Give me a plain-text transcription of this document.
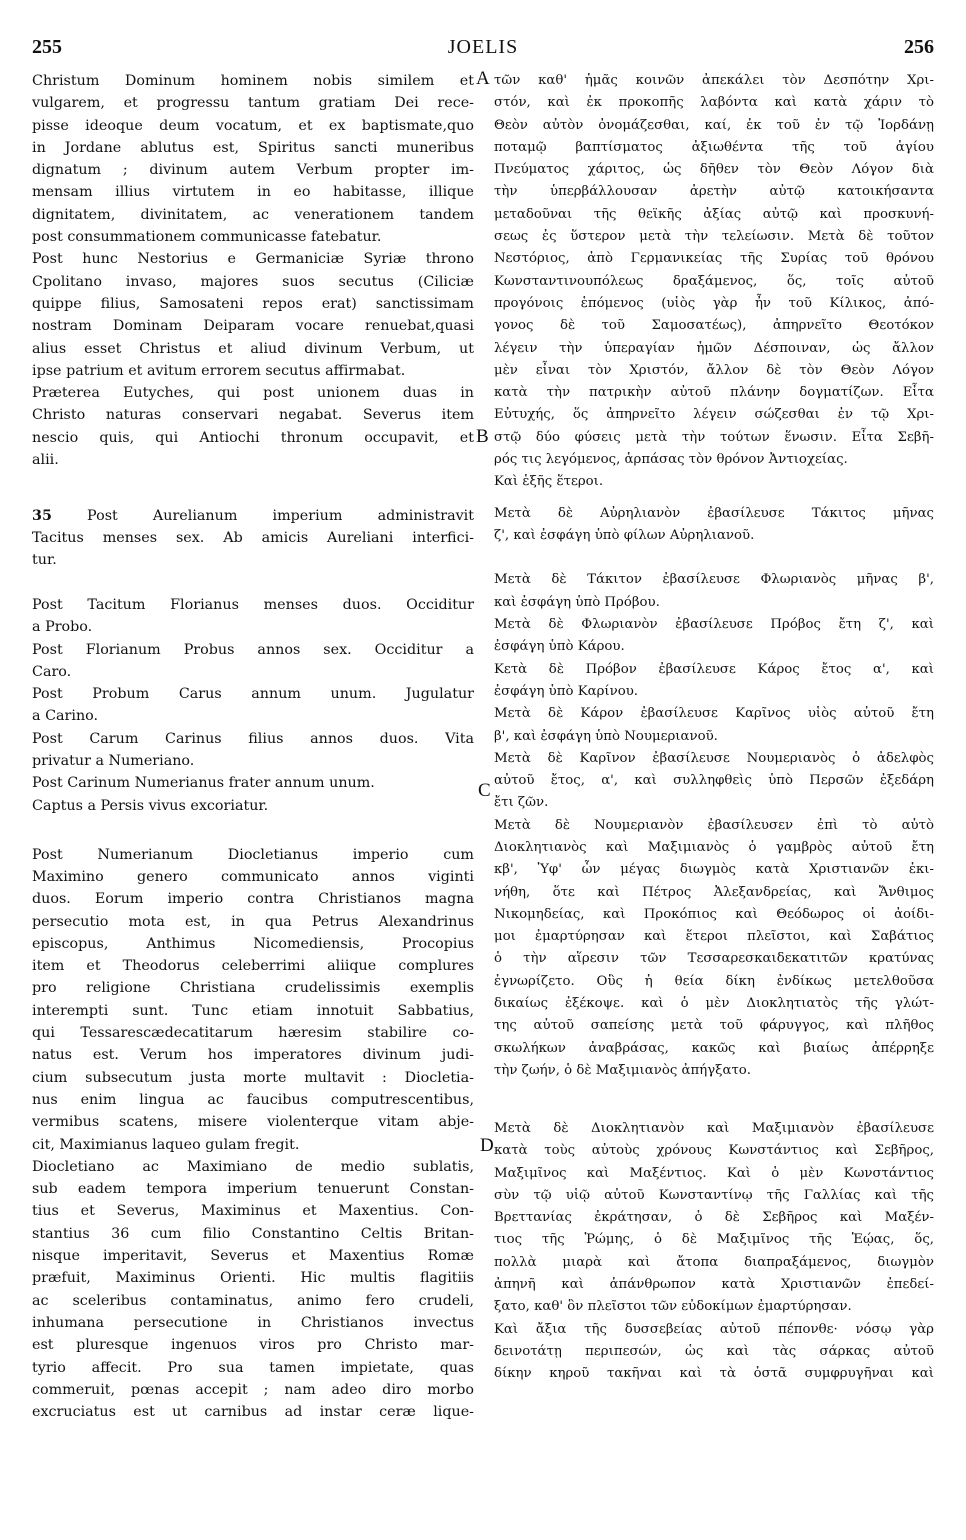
255	JOELIS	256
A
B
C
D
Christum Dominum hominem nobis similem et
vulgarem, et progressu tantum gratiam Dei rece-
pisse ideoque deum vocatum, et ex baptismate,quo
in Jordane ablutus est, Spiritus sancti muneribus
dignatum ; divinum autem Verbum propter im-
mensam illius virtutem in eo habitasse, illique
dignitatem, divinitatem, ac venerationem tandem
post consummationem communicasse fatebatur.
Post hunc Nestorius e Germaniciæ Syriæ throno
Cpolitano invaso, majores suos secutus (Ciliciæ
quippe filius, Samosateni repos erat) sanctissimam
nostram Dominam Deiparam vocare renuebat,quasi
alius esset Christus et aliud divinum Verbum, ut
ipse patrium et avitum errorem secutus affirmabat.
Præterea Eutyches, qui post unionem duas in
Christo naturas conservari negabat. Severus item
nescio quis, qui Antiochi thronum occupavit, et
alii.
35 Post Aurelianum imperium administravit
Tacitus menses sex. Ab amicis Aureliani interfici-
tur.
Post Tacitum Florianus menses duos. Occiditur
a Probo.
Post Florianum Probus annos sex. Occiditur a
Caro.
Post Probum Carus annum unum. Jugulatur
a Carino.
Post Carum Carinus filius annos duos. Vita
privatur a Numeriano.
Post Carinum Numerianus frater annum unum.
Captus a Persis vivus excoriatur.
Post Numerianum Diocletianus imperio cum
Maximino genero communicato annos viginti
duos. Eorum imperio contra Christianos magna
persecutio mota est, in qua Petrus Alexandrinus
episcopus, Anthimus Nicomediensis, Procopius
item et Theodorus celeberrimi aliique complures
pro religione Christiana crudelissimis exemplis
interempti sunt. Tunc etiam innotuit Sabbatius,
qui Tessarescædecatitarum hæresim stabilire co-
natus est. Verum hos imperatores divinum judi-
cium subsecutum justa morte multavit : Diocletia-
nus enim lingua ac faucibus computrescentibus,
vermibus scatens, misere violenterque vitam abje-
cit, Maximianus laqueo gulam fregit.
Diocletiano ac Maximiano de medio sublatis,
sub eadem tempora imperium tenuerunt Constan-
tius et Severus, Maximinus et Maxentius. Con-
stantius 36 cum filio Constantino Celtis Britan-
nisque imperitavit, Severus et Maxentius Romæ
præfuit, Maximinus Orienti. Hic multis flagitiis
ac sceleribus contaminatus, animo fero crudeli,
inhumana persecutione in Christianos invectus
est pluresque ingenuos viros pro Christo mar-
tyrio affecit. Pro sua tamen impietate, quas
commeruit, pœnas accepit ; nam adeo diro morbo
excruciatus est ut carnibus ad instar ceræ lique-
τῶν καθ' ἡμᾶς κοινῶν ἀπεκάλει τὸν Δεσπότην Χρι-
στόν, καὶ ἐκ προκοπῆς λαβόντα καὶ κατὰ χάριν τὸ
Θεὸν αὐτὸν ὀνομάζεσθαι, καί, ἐκ τοῦ ἐν τῷ Ἰορδάνῃ
ποταμῷ βαπτίσματος ἀξιωθέντα τῆς τοῦ ἁγίου
Πνεύματος χάριτος, ὡς δῆθεν τὸν Θεὸν Λόγον διὰ
τὴν ὑπερβάλλουσαν ἀρετὴν αὐτῷ κατοικήσαντα
μεταδοῦναι τῆς θεϊκῆς ἀξίας αὐτῷ καὶ προσκυνή-
σεως ἐς ὕστερον μετὰ τὴν τελείωσιν. Μετὰ δὲ τοῦτον
Νεστόριος, ἀπὸ Γερμανικείας τῆς Συρίας τοῦ θρόνου
Κωνσταντινουπόλεως δραξάμενος, ὅς, τοῖς αὐτοῦ
προγόνοις ἑπόμενος (υἱὸς γὰρ ἦν τοῦ Κίλικος, ἀπό-
γονος δὲ τοῦ Σαμοσατέως), ἀπηρνεῖτο Θεοτόκον
λέγειν τὴν ὑπεραγίαν ἡμῶν Δέσποιναν, ὡς ἄλλον
μὲν εἶναι τὸν Χριστόν, ἄλλον δὲ τὸν Θεὸν Λόγον
κατὰ τὴν πατρικὴν αὐτοῦ πλάνην δογματίζων. Εἶτα
Εὐτυχής, ὅς ἀπηρνεῖτο λέγειν σώζεσθαι ἐν τῷ Χρι-
στῷ δύο φύσεις μετὰ τὴν τούτων ἕνωσιν. Εἶτα Σεβῆ-
ρός τις λεγόμενος, ἁρπάσας τὸν θρόνον Ἀντιοχείας.
Καὶ ἑξῆς ἕτεροι.
Μετὰ δὲ Αὐρηλιανὸν ἐβασίλευσε Τάκιτος μῆνας
ζ', καὶ ἐσφάγη ὑπὸ φίλων Αὐρηλιανοῦ.
Μετὰ δὲ Τάκιτον ἐβασίλευσε Φλωριανὸς μῆνας β',
καὶ ἐσφάγη ὑπὸ Πρόβου.
Μετὰ δὲ Φλωριανὸν ἐβασίλευσε Πρόβος ἔτη ζ', καὶ
ἐσφάγη ὑπὸ Κάρου.
Κετὰ δὲ Πρόβον ἐβασίλευσε Κάρος ἔτος α', καὶ
ἐσφάγη ὑπὸ Καρίνου.
Μετὰ δὲ Κάρον ἐβασίλευσε Καρῖνος υἱὸς αὐτοῦ ἔτη
β', καὶ ἐσφάγη ὑπὸ Νουμεριανοῦ.
Μετὰ δὲ Καρῖνον ἐβασίλευσε Νουμεριανὸς ὁ ἀδελφὸς
αὐτοῦ ἔτος, α', καὶ συλληφθεὶς ὑπὸ Περσῶν ἐξεδάρη
ἔτι ζῶν.
Μετὰ δὲ Νουμεριανὸν ἐβασίλευσεν ἐπὶ τὸ αὐτὸ
Διοκλητιανὸς καὶ Μαξιμιανὸς ὁ γαμβρὸς αὐτοῦ ἔτη
κβ', Ὑφ' ὧν μέγας διωγμὸς κατὰ Χριστιανῶν ἐκι-
νήθη, ὅτε καὶ Πέτρος Ἀλεξανδρείας, καὶ Ἄνθιμος
Νικομηδείας, καὶ Προκόπιος καὶ Θεόδωρος οἱ ἀοίδι-
μοι ἐμαρτύρησαν καὶ ἕτεροι πλεῖστοι, καὶ Σαβάτιος
ὁ τὴν αἵρεσιν τῶν Τεσσαρεσκαιδεκατιτῶν κρατύνας
ἐγνωρίζετο. Οὓς ἡ θεία δίκη ἐνδίκως μετελθοῦσα
δικαίως ἐξέκοψε. καὶ ὁ μὲν Διοκλητιατὸς τῆς γλώτ-
της αὐτοῦ σαπείσης μετὰ τοῦ φάρυγγος, καὶ πλῆθος
σκωλήκων ἀναβράσας, κακῶς καὶ βιαίως ἀπέρρηξε
τὴν ζωήν, ὁ δὲ Μαξιμιανὸς ἀπήγξατο.
Μετὰ δὲ Διοκλητιανὸν καὶ Μαξιμιανὸν ἐβασίλευσε
κατὰ τοὺς αὐτοὺς χρόνους Κωνστάντιος καὶ Σεβῆρος,
Μαξιμῖνος καὶ Μαξέντιος. Καὶ ὁ μὲν Κωνστάντιος
σὺν τῷ υἱῷ αὐτοῦ Κωνσταντίνῳ τῆς Γαλλίας καὶ τῆς
Βρεττανίας ἐκράτησαν, ὁ δὲ Σεβῆρος καὶ Μαξέν-
τιος τῆς Ῥώμης, ὁ δὲ Μαξιμῖνος τῆς Ἑῴας, ὅς,
πολλὰ μιαρὰ καὶ ἄτοπα διαπραξάμενος, διωγμὸν
ἀπηνῆ καὶ ἀπάνθρωπον κατὰ Χριστιανῶν ἐπεδεί-
ξατο, καθ' ὃν πλεῖστοι τῶν εὐδοκίμων ἐμαρτύρησαν.
Καὶ ἄξια τῆς δυσσεβείας αὐτοῦ πέπονθε· νόσῳ γὰρ
δεινοτάτῃ περιπεσών, ὡς καὶ τὰς σάρκας αὐτοῦ
δίκην κηροῦ τακῆναι καὶ τὰ ὀστᾶ συμφρυγῆναι καὶ
